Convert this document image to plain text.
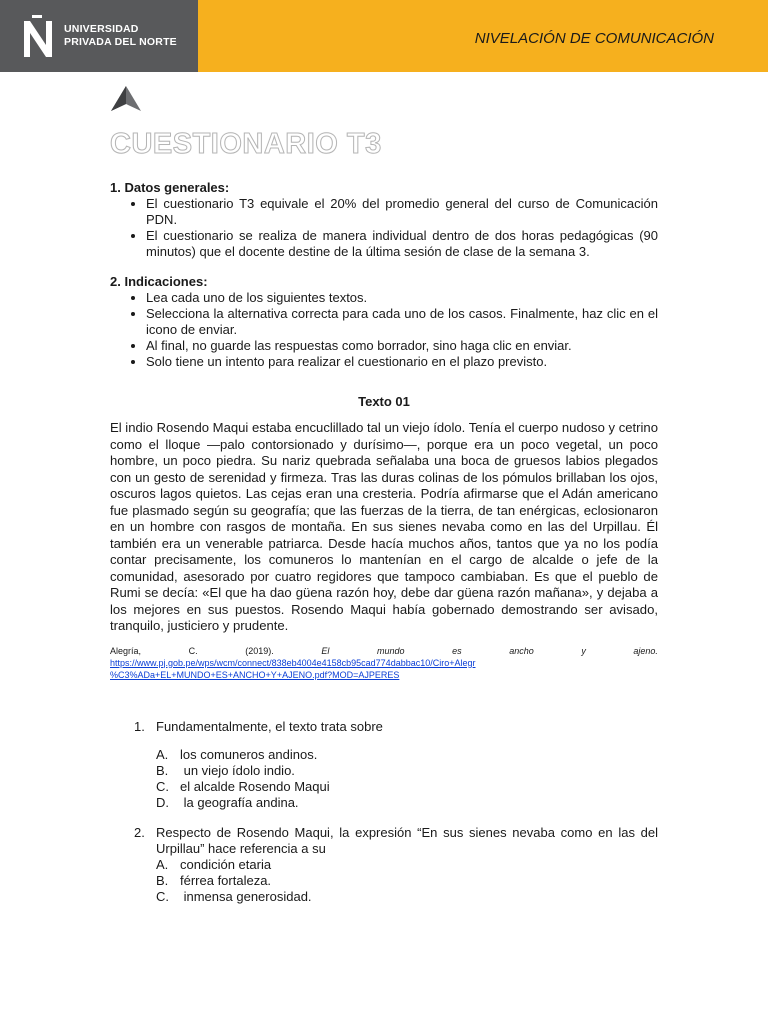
UNIVERSIDAD
PRIVADA DEL NORTE	NIVELACIÓN DE COMUNICACIÓN
CUESTIONARIO T3

1. Datos generales:

• El cuestionario T3 equivale el 20% del promedio general del curso de Comunicación PDN.
• El cuestionario se realiza de manera individual dentro de dos horas pedagógicas (90 minutos) que el docente destine de la última sesión de clase de la semana 3.

2. Indicaciones:

• Lea cada uno de los siguientes textos.
• Selecciona la alternativa correcta para cada uno de los casos. Finalmente, haz clic en el icono de enviar.
• Al final, no guarde las respuestas como borrador, sino haga clic en enviar.
• Solo tiene un intento para realizar el cuestionario en el plazo previsto.
Texto 01

El indio Rosendo Maqui estaba encuclillado tal un viejo ídolo. Tenía el cuerpo nudoso y cetrino como el lloque —palo contorsionado y durísimo—, porque era un poco vegetal, un poco hombre, un poco piedra. Su nariz quebrada señalaba una boca de gruesos labios plegados con un gesto de serenidad y firmeza. Tras las duras colinas de los pómulos brillaban los ojos, oscuros lagos quietos. Las cejas eran una cresteria. Podría afirmarse que el Adán americano fue plasmado según su geografía; que las fuerzas de la tierra, de tan enérgicas, eclosionaron en un hombre con rasgos de montaña. En sus sienes nevaba como en las del Urpillau. Él también era un venerable patriarca. Desde hacía muchos años, tantos que ya no los podía contar precisamente, los comuneros lo mantenían en el cargo de alcalde o jefe de la comunidad, asesorado por cuatro regidores que tampoco cambiaban. Es que el pueblo de Rumi se decía: «El que ha dao güena razón hoy, debe dar güena razón mañana», y dejaba a los mejores en sus puestos. Rosendo Maqui había gobernado demostrando ser avisado, tranquilo, justiciero y prudente.

Alegría,	C.	(2019).	El	mundo	es	ancho	y	ajeno.
https://www.pj.gob.pe/wps/wcm/connect/838eb4004e4158cb95cad774dabbac10/Ciro+Alegr
%C3%ADa+EL+MUNDO+ES+ANCHO+Y+AJENO.pdf?MOD=AJPERES
1. Fundamentalmente, el texto trata sobre
A. los comuneros andinos.
B. un viejo ídolo indio.
C. el alcalde Rosendo Maqui
D. la geografía andina.
2. Respecto de Rosendo Maqui, la expresión “En sus sienes nevaba como en las del Urpillau” hace referencia a su
A. condición etaria
B. férrea fortaleza.
C. inmensa generosidad.
